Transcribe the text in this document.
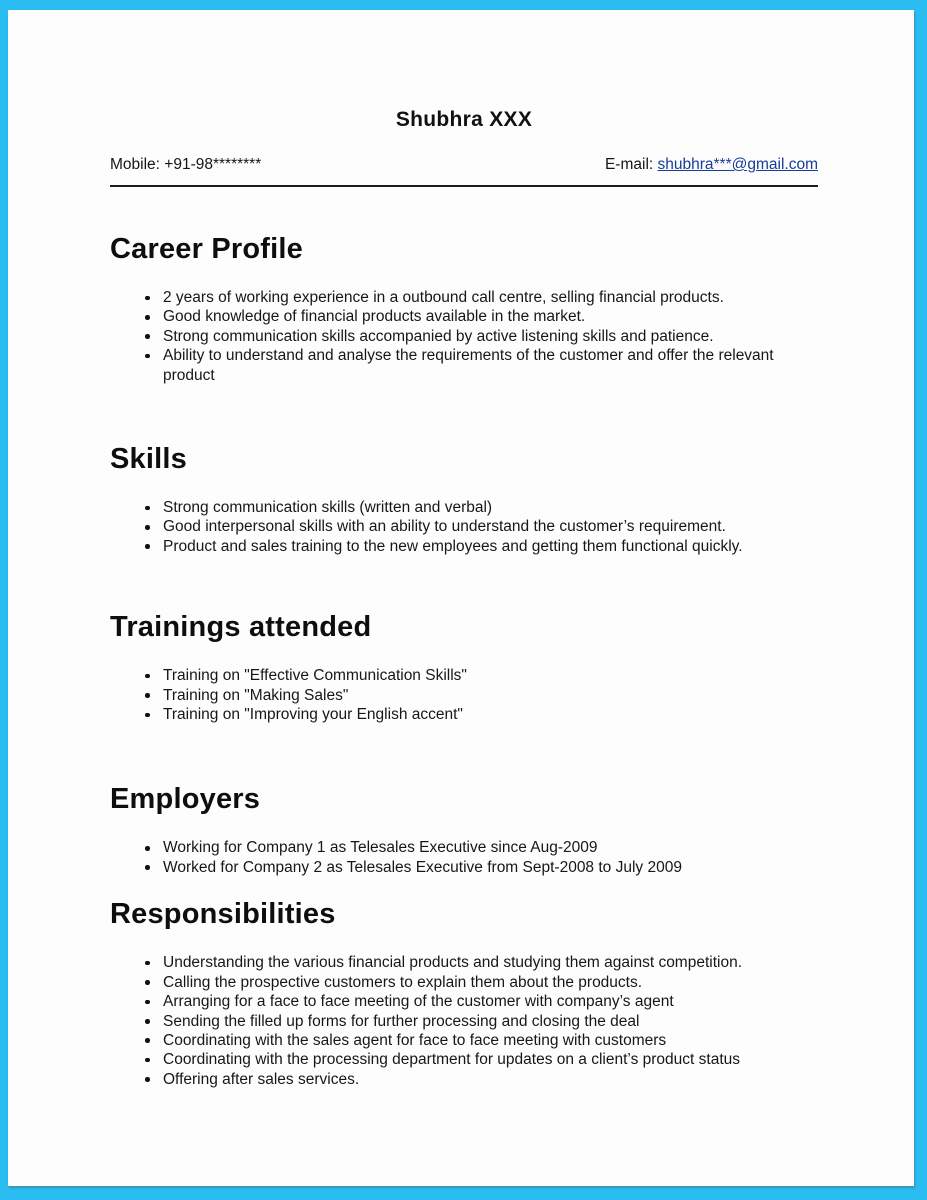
Shubhra XXX
Mobile: +91-98********	E-mail: shubhra***@gmail.com
Career Profile
2 years of working experience in a outbound call centre, selling financial products.
Good knowledge of financial products available in the market.
Strong communication skills accompanied by active listening skills and patience.
Ability to understand and analyse the requirements of the customer and offer the relevant product
Skills
Strong communication skills (written and verbal)
Good interpersonal skills with an ability to understand the customer’s requirement.
Product and sales training to the new employees and getting them functional quickly.
Trainings attended
Training on "Effective Communication Skills"
Training on "Making Sales"
Training on "Improving your English accent"
Employers
Working for Company 1 as Telesales Executive since Aug-2009
Worked for Company 2 as Telesales Executive from Sept-2008 to July 2009
Responsibilities
Understanding the various financial products and studying them against competition.
Calling the prospective customers to explain them about the products.
Arranging for a face to face meeting of the customer with company’s agent
Sending the filled up forms for further processing and closing the deal
Coordinating with the sales agent for face to face meeting with customers
Coordinating with the processing department for updates on a client’s product status
Offering after sales services.
